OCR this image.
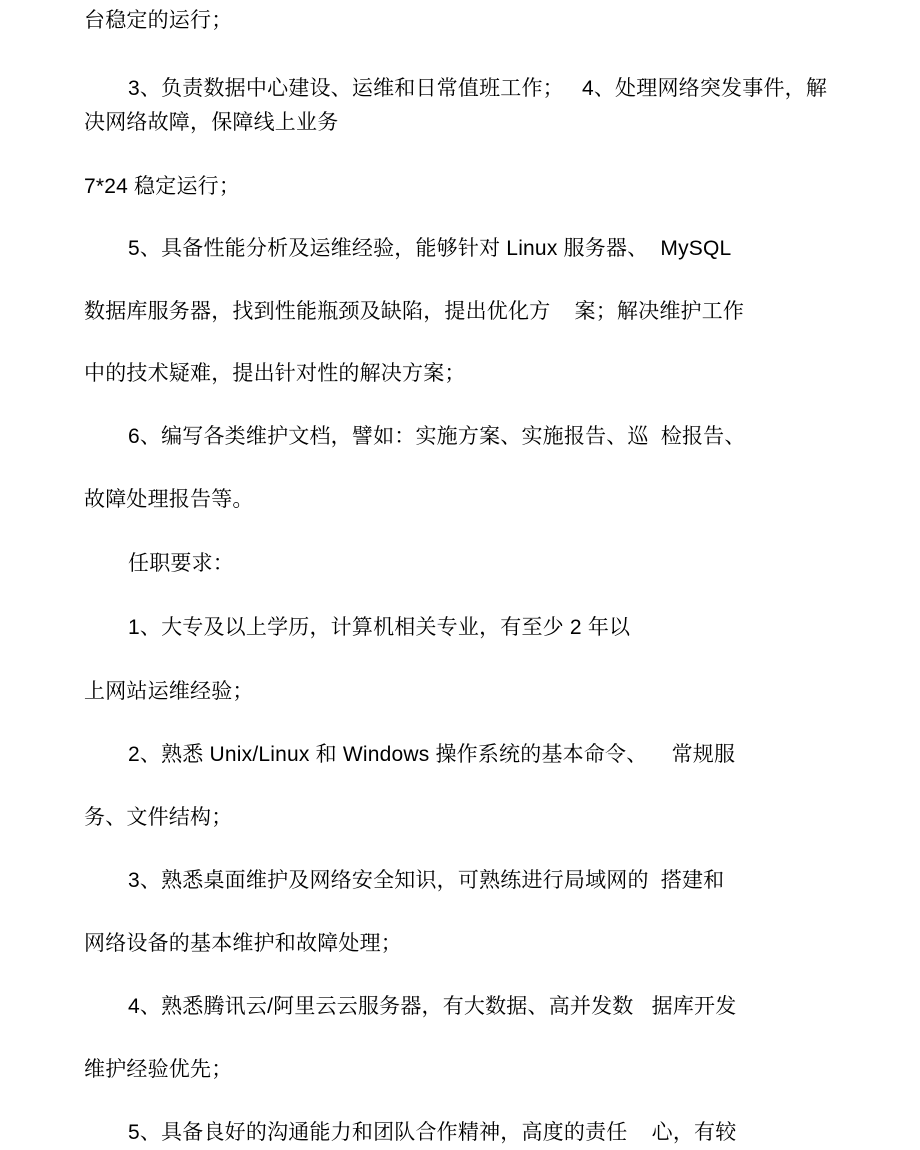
台稳定的运行；
3、负责数据中心建设、运维和日常值班工作；   4、处理网络突发事件，解决网络故障，保障线上业务
7*24 稳定运行；
5、具备性能分析及运维经验，能够针对 Linux 服务器、  MySQL
数据库服务器，找到性能瓶颈及缺陷，提出优化方    案；解决维护工作
中的技术疑难，提出针对性的解决方案；
6、编写各类维护文档，譬如：实施方案、实施报告、巡  检报告、
故障处理报告等。
任职要求：
1、大专及以上学历，计算机相关专业，有至少 2 年以
上网站运维经验；
2、熟悉 Unix/Linux 和 Windows 操作系统的基本命令、    常规服
务、文件结构；
3、熟悉桌面维护及网络安全知识，可熟练进行局域网的  搭建和
网络设备的基本维护和故障处理；
4、熟悉腾讯云/阿里云云服务器，有大数据、高并发数   据库开发
维护经验优先；
5、具备良好的沟通能力和团队合作精神，高度的责任    心，有较
